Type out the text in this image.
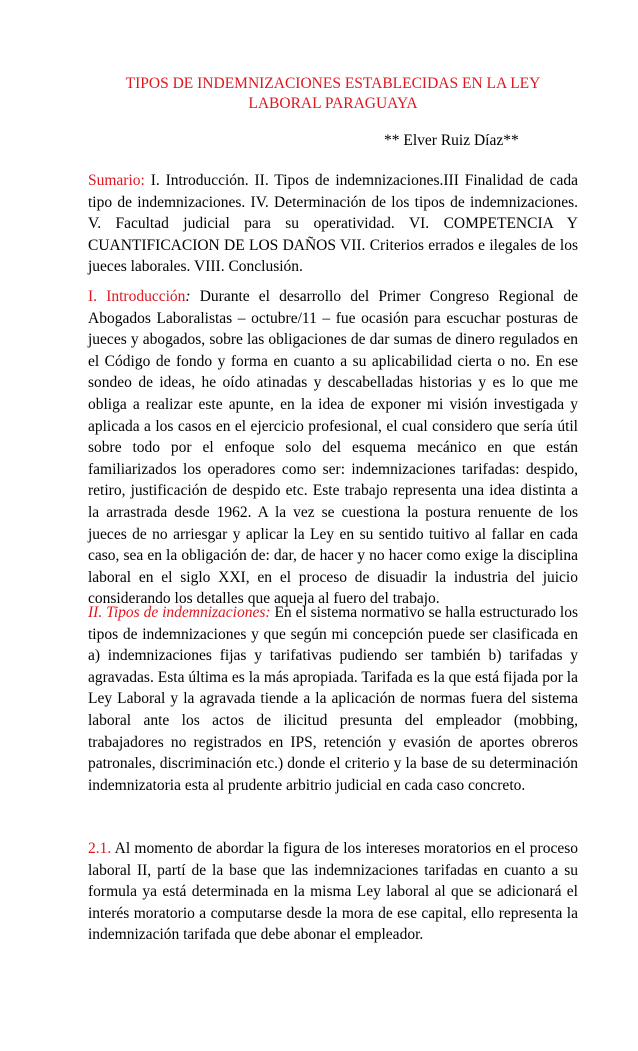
TIPOS DE INDEMNIZACIONES ESTABLECIDAS EN LA LEY LABORAL PARAGUAYA
** Elver Ruiz Díaz**
Sumario: I. Introducción. II. Tipos de indemnizaciones.III Finalidad de cada tipo de indemnizaciones. IV. Determinación de los tipos de indemnizaciones. V. Facultad judicial para su operatividad. VI. COMPETENCIA Y CUANTIFICACION DE LOS DAÑOS VII. Criterios errados e ilegales de los jueces laborales. VIII. Conclusión.
I. Introducción: Durante el desarrollo del Primer Congreso Regional de Abogados Laboralistas – octubre/11 – fue ocasión para escuchar posturas de jueces y abogados, sobre las obligaciones de dar sumas de dinero regulados en el Código de fondo y forma en cuanto a su aplicabilidad cierta o no. En ese sondeo de ideas, he oído atinadas y descabelladas historias y es lo que me obliga a realizar este apunte, en la idea de exponer mi visión investigada y aplicada a los casos en el ejercicio profesional, el cual considero que sería útil sobre todo por el enfoque solo del esquema mecánico en que están familiarizados los operadores como ser: indemnizaciones tarifadas: despido, retiro, justificación de despido etc. Este trabajo representa una idea distinta a la arrastrada desde 1962. A la vez se cuestiona la postura renuente de los jueces de no arriesgar y aplicar la Ley en su sentido tuitivo al fallar en cada caso, sea en la obligación de: dar, de hacer y no hacer como exige la disciplina laboral en el siglo XXI, en el proceso de disuadir la industria del juicio considerando los detalles que aqueja al fuero del trabajo.
II. Tipos de indemnizaciones: En el sistema normativo se halla estructurado los tipos de indemnizaciones y que según mi concepción puede ser clasificada en a) indemnizaciones fijas y tarifativas pudiendo ser también b) tarifadas y agravadas. Esta última es la más apropiada. Tarifada es la que está fijada por la Ley Laboral y la agravada tiende a la aplicación de normas fuera del sistema laboral ante los actos de ilicitud presunta del empleador (mobbing, trabajadores no registrados en IPS, retención y evasión de aportes obreros patronales, discriminación etc.) donde el criterio y la base de su determinación indemnizatoria esta al prudente arbitrio judicial en cada caso concreto.
2.1. Al momento de abordar la figura de los intereses moratorios en el proceso laboral II, partí de la base que las indemnizaciones tarifadas en cuanto a su formula ya está determinada en la misma Ley laboral al que se adicionará el interés moratorio a computarse desde la mora de ese capital, ello representa la indemnización tarifada que debe abonar el empleador.
